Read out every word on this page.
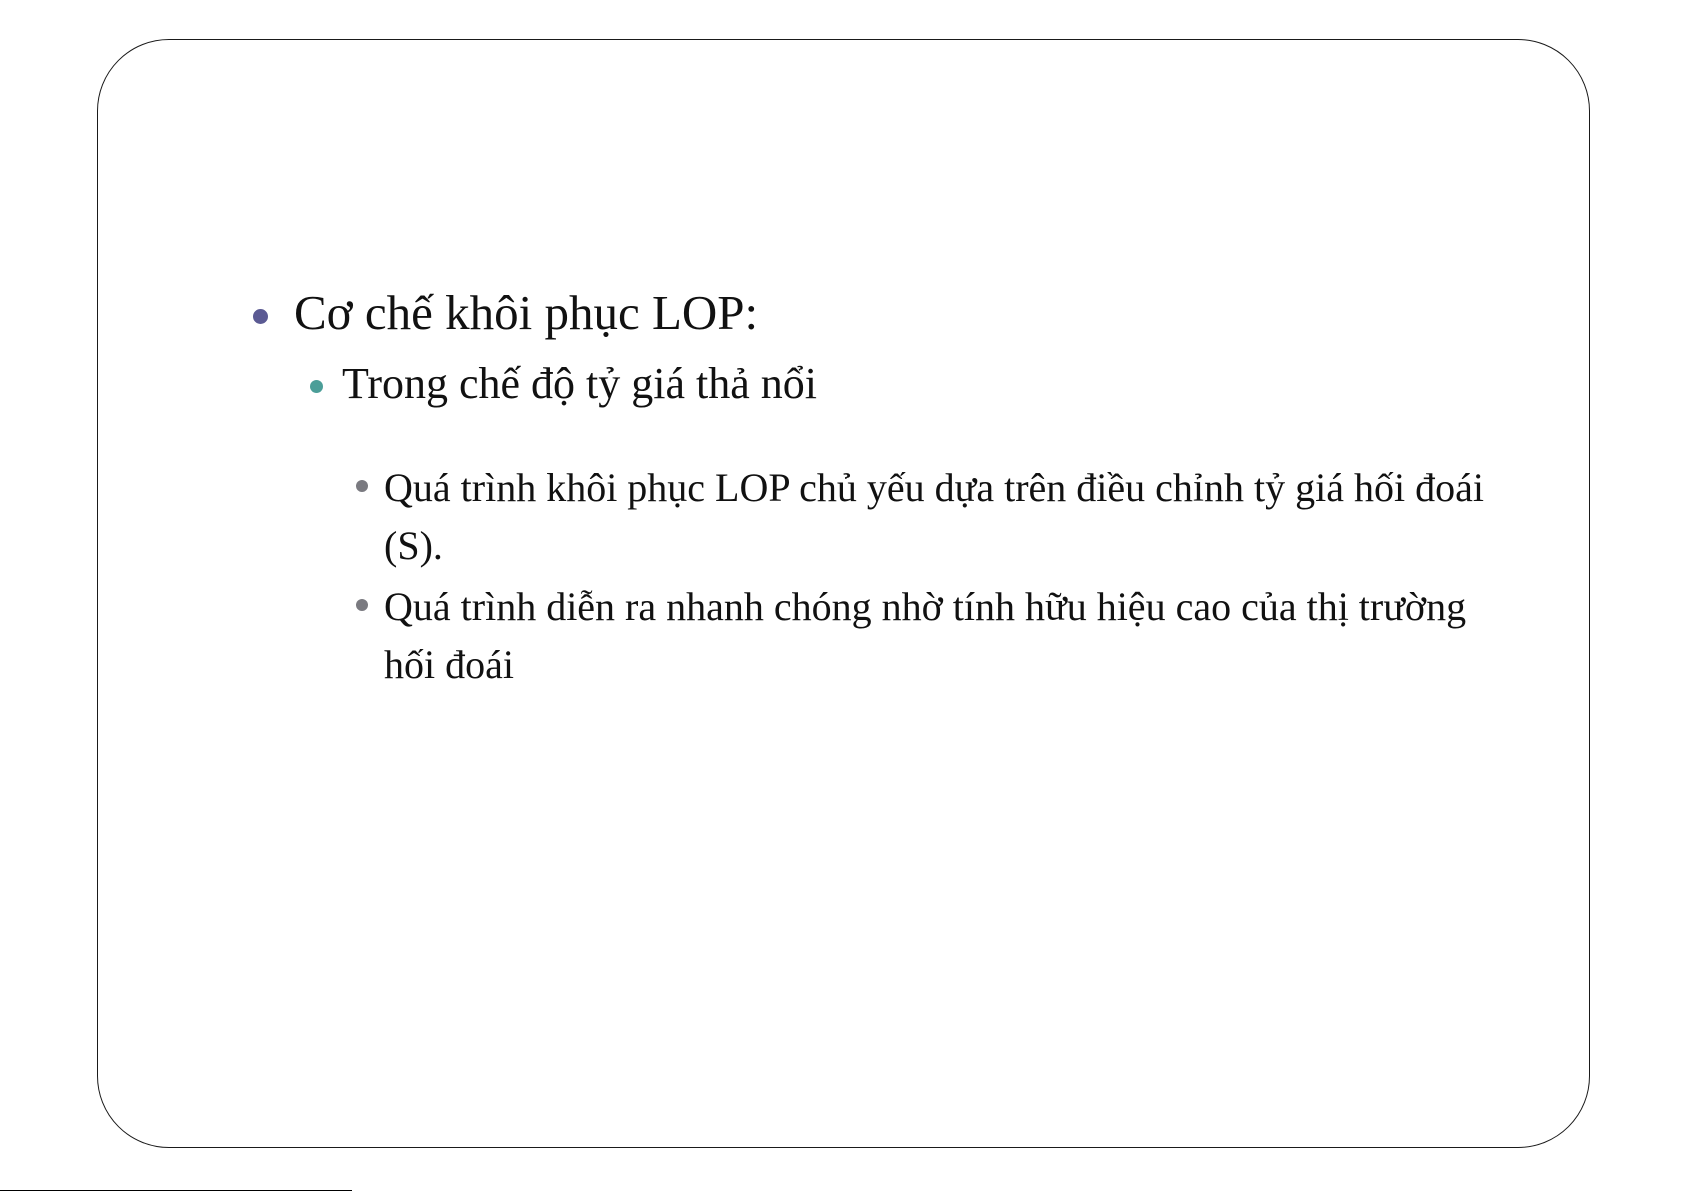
Cơ chế khôi phục LOP:
Trong chế độ tỷ giá thả nổi
Quá trình khôi phục LOP chủ yếu dựa trên điều chỉnh tỷ giá hối đoái (S).
Quá trình diễn ra nhanh chóng nhờ tính hữu hiệu cao của thị trường hối đoái
